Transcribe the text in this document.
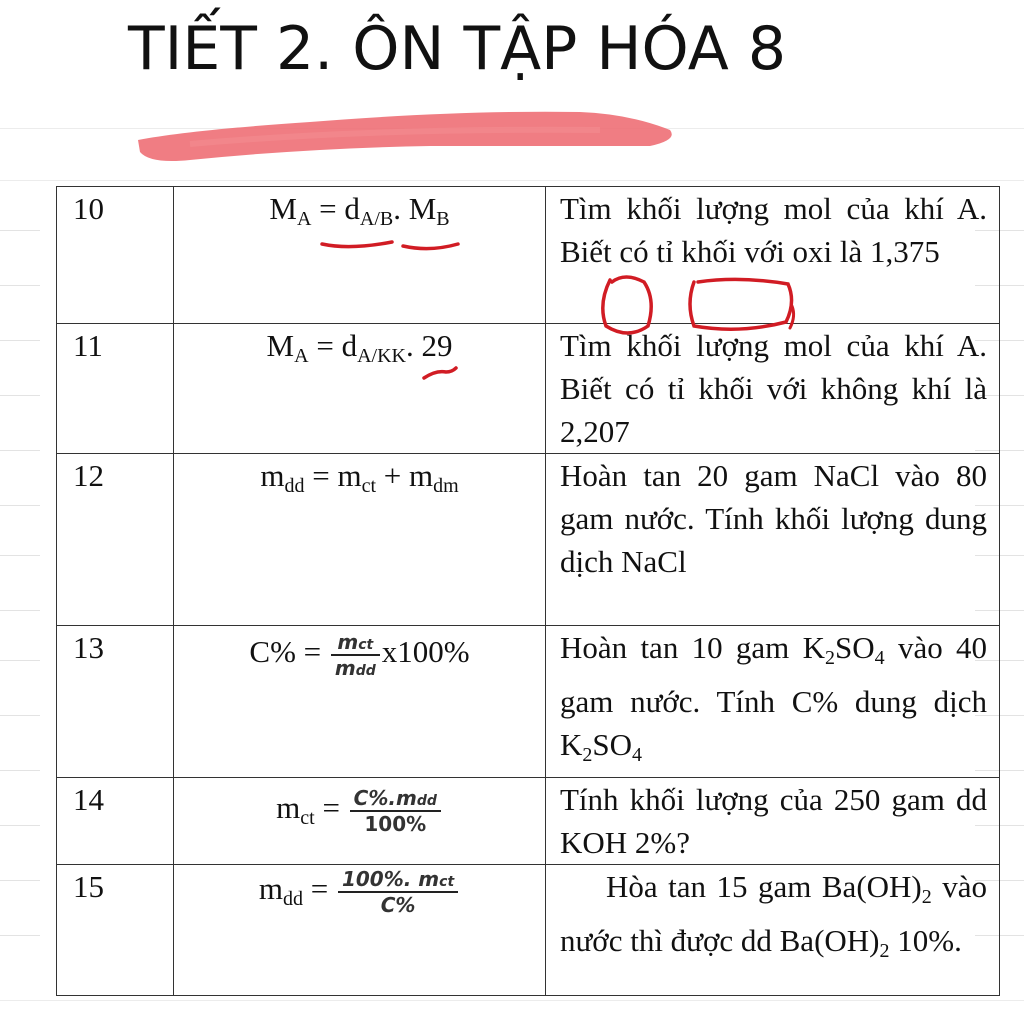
TIẾT 2. ÔN TẬP HÓA 8
10	$M_A = d_{A/B}$. $M_B$	Tìm khối lượng mol của khí A. Biết có tỉ khối với oxi là 1,375

11	$M_A = d_{A/KK}$. 29	Tìm khối lượng mol của khí A. Biết có tỉ khối với không khí là 2,207

12	$m_{dd} = m_{ct} + m_{dm}$	Hoàn tan 20 gam NaCl vào 80 gam nước. Tính khối lượng dung dịch NaCl

13	$C\% = \frac{\text{mct}}{\text{mdd}} x100\%$	Hoàn tan 10 gam $K_2SO_4$ vào 40 gam nước. Tính C% dung dịch $K_2SO_4$

14	$m_{ct} = \frac{\text{C\%.mdd}}{100\%}$	Tính khối lượng của 250 gam dd KOH 2%?

15	$m_{dd} = \frac{\text{100\%. mct}}{C\%}$	Hòa tan 15 gam $Ba(OH)_2$ vào nước thì được dd $Ba(OH)_2$ 10%.
